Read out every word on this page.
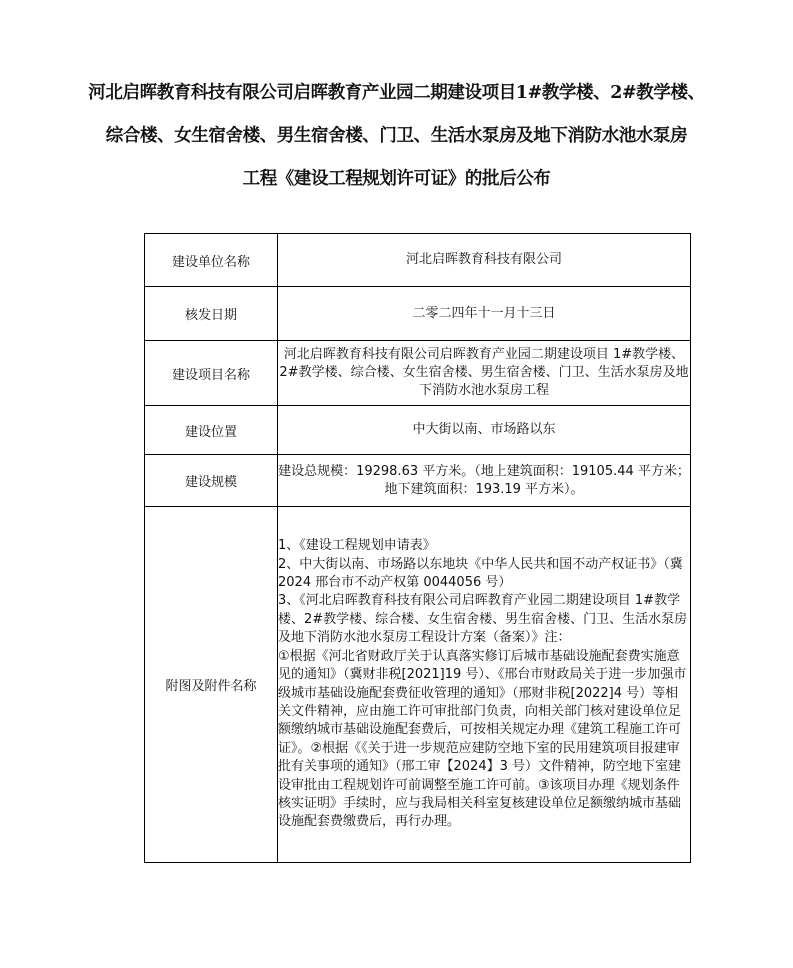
河北启晖教育科技有限公司启晖教育产业园二期建设项目1#教学楼、2#教学楼、
综合楼、女生宿舍楼、男生宿舍楼、门卫、生活水泵房及地下消防水池水泵房
工程《建设工程规划许可证》的批后公布
建设单位名称	河北启晖教育科技有限公司
核发日期	二零二四年十一月十三日
建设项目名称	河北启晖教育科技有限公司启晖教育产业园二期建设项目 1#教学楼、2#教学楼、综合楼、女生宿舍楼、男生宿舍楼、门卫、生活水泵房及地下消防水池水泵房工程
建设位置	中大街以南、市场路以东
建设规模	建设总规模：19298.63 平方米。（地上建筑面积：19105.44 平方米；地下建筑面积：193.19 平方米）。
附图及附件名称	1、《建设工程规划申请表》
2、中大街以南、市场路以东地块《中华人民共和国不动产权证书》（冀 2024 邢台市不动产权第 0044056 号）
3、《河北启晖教育科技有限公司启晖教育产业园二期建设项目 1#教学楼、2#教学楼、综合楼、女生宿舍楼、男生宿舍楼、门卫、生活水泵房及地下消防水池水泵房工程设计方案（备案）》注：
①根据《河北省财政厅关于认真落实修订后城市基础设施配套费实施意见的通知》（冀财非税[2021]19 号）、《邢台市财政局关于进一步加强市级城市基础设施配套费征收管理的通知》（邢财非税[2022]4 号）等相关文件精神，应由施工许可审批部门负责，向相关部门核对建设单位足额缴纳城市基础设施配套费后，可按相关规定办理《建筑工程施工许可证》。②根据《《关于进一步规范应建防空地下室的民用建筑项目报建审批有关事项的通知》（邢工审【2024】3 号）文件精神，防空地下室建设审批由工程规划许可前调整至施工许可前。③该项目办理《规划条件核实证明》手续时，应与我局相关科室复核建设单位足额缴纳城市基础设施配套费缴费后，再行办理。
